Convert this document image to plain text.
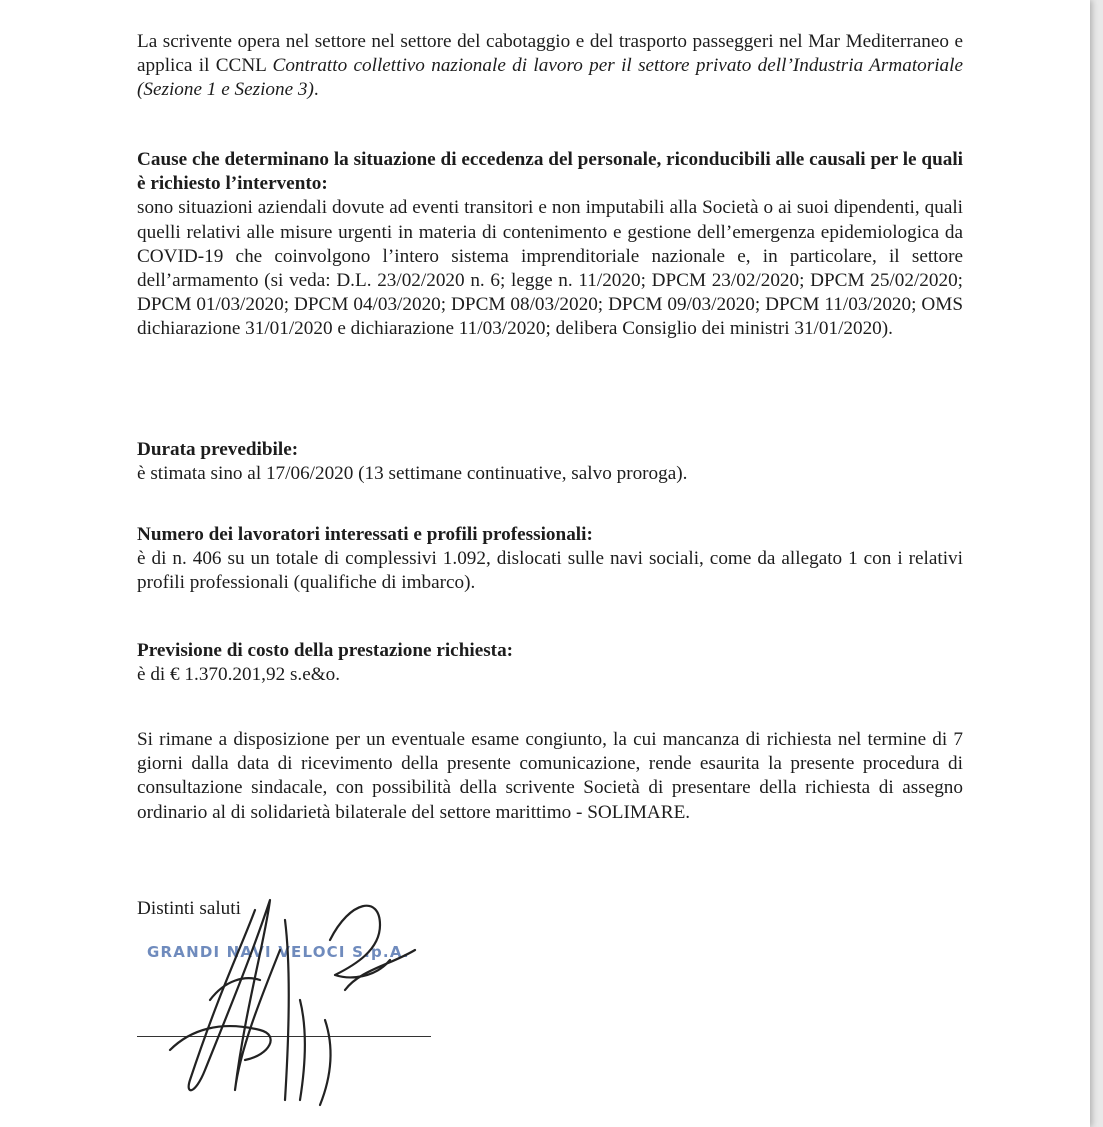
La scrivente opera nel settore nel settore del cabotaggio e del trasporto passeggeri nel Mar Mediterraneo e applica il CCNL Contratto collettivo nazionale di lavoro per il settore privato dell’Industria Armatoriale (Sezione 1 e Sezione 3).

Cause che determinano la situazione di eccedenza del personale, riconducibili alle causali per le quali è richiesto l’intervento:

sono situazioni aziendali dovute ad eventi transitori e non imputabili alla Società o ai suoi dipendenti, quali quelli relativi alle misure urgenti in materia di contenimento e gestione dell’emergenza epidemiologica da COVID-19 che coinvolgono l’intero sistema imprenditoriale nazionale e, in particolare, il settore dell’armamento (si veda: D.L. 23/02/2020 n. 6; legge n. 11/2020; DPCM 23/02/2020; DPCM 25/02/2020; DPCM 01/03/2020; DPCM 04/03/2020; DPCM 08/03/2020; DPCM 09/03/2020; DPCM 11/03/2020; OMS dichiarazione 31/01/2020 e dichiarazione 11/03/2020; delibera Consiglio dei ministri 31/01/2020).

Durata prevedibile:

è stimata sino al 17/06/2020 (13 settimane continuative, salvo proroga).

Numero dei lavoratori interessati e profili professionali:

è di n. 406 su un totale di complessivi 1.092, dislocati sulle navi sociali, come da allegato 1 con i relativi profili professionali (qualifiche di imbarco).

Previsione di costo della prestazione richiesta:

è di € 1.370.201,92 s.e&o.

Si rimane a disposizione per un eventuale esame congiunto, la cui mancanza di richiesta nel termine di 7 giorni dalla data di ricevimento della presente comunicazione, rende esaurita la presente procedura di consultazione sindacale, con possibilità della scrivente Società di presentare della richiesta di assegno ordinario al di solidarietà bilaterale del settore marittimo - SOLIMARE.

Distinti saluti

GRANDI NAVI VELOCI S.p.A.
